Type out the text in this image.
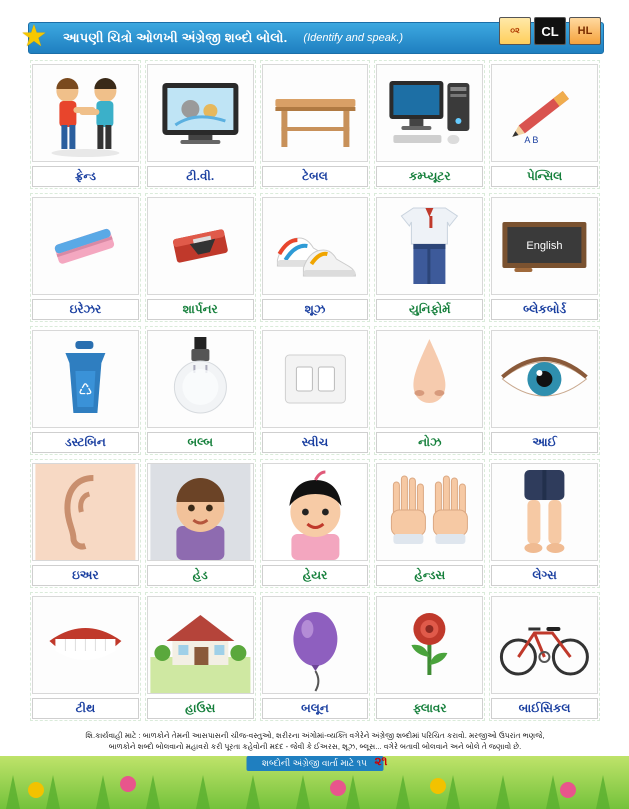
★ આપણી ચિત્રો ઓળખી અંગ્રેજી શબ્દો બોલો. (Identify and speak.)
૦૨	CL	HL
ફ્રેન્ડ	ટી.વી.	ટેબલ	કમ્પ્યૂટર
A B
પેન્સિલ
ઇરેઝર	શાર્પનર	શૂઝ	યુનિફોર્મ
English
બ્લેકબોર્ડ
♺
ડસ્ટબિન	બલ્બ	સ્વીચ	નોઝ	આઈ
ઇઅર	હેડ	હેયર	હેન્ડસ	લેગ્સ
ટીથ	હાઉસ	બલૂન	ફ્લાવર	બાઈસિકલ
શિ.કાર્યવાહી માટે : બાળકોને તેમની આસપાસની ચીજ-વસ્તુઓ, શરીરના અંગોમાં-વ્યક્તિ વગેરેને અંગ્રેજી શબ્દોમાં પરિચિત કરાવો. મરજીઓ ઉપરાંત ભણજે,
બાળકોને શબ્દો બોલવાનો મહાવરો કરી પૂરતા કહેવોની મદદ - જેવી કે ઈઅરસ, શૂઝ, બ્લૂસ... વગેરે બતાવી બોલવાને અને બોલે તે જણાવો છે.
શબ્દોની અંગ્રેજી વાર્તા માટે ૧૫ ૨૧
